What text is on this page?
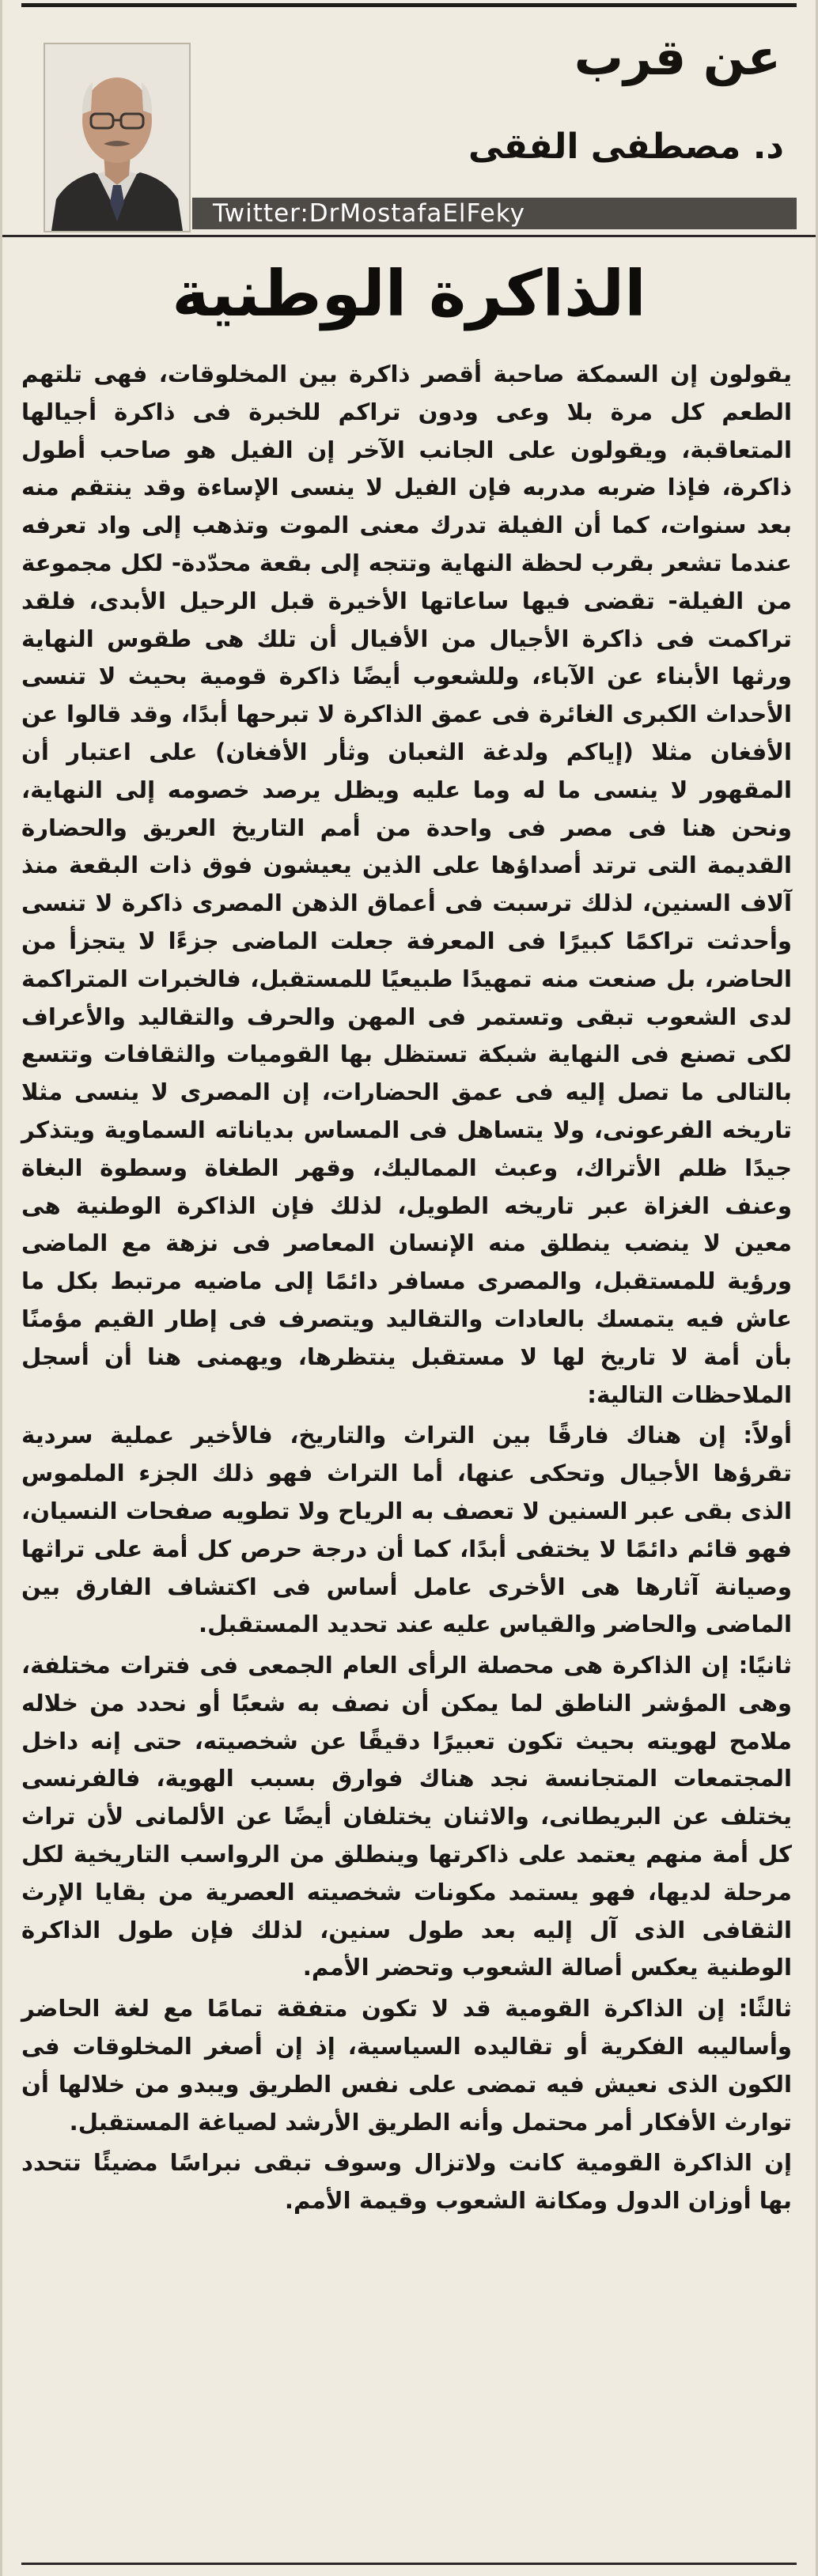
عن قرب
د. مصطفى الفقى
Twitter:DrMostafaElFeky
الذاكرة الوطنية

يقولون إن السمكة صاحبة أقصر ذاكرة بين المخلوقات، فهى تلتهم الطعم كل مرة بلا وعى ودون تراكم للخبرة فى ذاكرة أجيالها المتعاقبة، ويقولون على الجانب الآخر إن الفيل هو صاحب أطول ذاكرة، فإذا ضربه مدربه فإن الفيل لا ينسى الإساءة وقد ينتقم منه بعد سنوات، كما أن الفيلة تدرك معنى الموت وتذهب إلى واد تعرفه عندما تشعر بقرب لحظة النهاية وتتجه إلى بقعة محدّدة- لكل مجموعة من الفيلة- تقضى فيها ساعاتها الأخيرة قبل الرحيل الأبدى، فلقد تراكمت فى ذاكرة الأجيال من الأفيال أن تلك هى طقوس النهاية ورثها الأبناء عن الآباء، وللشعوب أيضًا ذاكرة قومية بحيث لا تنسى الأحداث الكبرى الغائرة فى عمق الذاكرة لا تبرحها أبدًا، وقد قالوا عن الأفغان مثلا (إياكم ولدغة الثعبان وثأر الأفغان) على اعتبار أن المقهور لا ينسى ما له وما عليه ويظل يرصد خصومه إلى النهاية، ونحن هنا فى مصر فى واحدة من أمم التاريخ العريق والحضارة القديمة التى ترتد أصداؤها على الذين يعيشون فوق ذات البقعة منذ آلاف السنين، لذلك ترسبت فى أعماق الذهن المصرى ذاكرة لا تنسى وأحدثت تراكمًا كبيرًا فى المعرفة جعلت الماضى جزءًا لا يتجزأ من الحاضر، بل صنعت منه تمهيدًا طبيعيًا للمستقبل، فالخبرات المتراكمة لدى الشعوب تبقى وتستمر فى المهن والحرف والتقاليد والأعراف لكى تصنع فى النهاية شبكة تستظل بها القوميات والثقافات وتتسع بالتالى ما تصل إليه فى عمق الحضارات، إن المصرى لا ينسى مثلا تاريخه الفرعونى، ولا يتساهل فى المساس بدياناته السماوية ويتذكر جيدًا ظلم الأتراك، وعبث المماليك، وقهر الطغاة وسطوة البغاة وعنف الغزاة عبر تاريخه الطويل، لذلك فإن الذاكرة الوطنية هى معين لا ينضب ينطلق منه الإنسان المعاصر فى نزهة مع الماضى ورؤية للمستقبل، والمصرى مسافر دائمًا إلى ماضيه مرتبط بكل ما عاش فيه يتمسك بالعادات والتقاليد ويتصرف فى إطار القيم مؤمنًا بأن أمة لا تاريخ لها لا مستقبل ينتظرها، ويهمنى هنا أن أسجل الملاحظات التالية:

أولاً: إن هناك فارقًا بين التراث والتاريخ، فالأخير عملية سردية تقرؤها الأجيال وتحكى عنها، أما التراث فهو ذلك الجزء الملموس الذى بقى عبر السنين لا تعصف به الرياح ولا تطويه صفحات النسيان، فهو قائم دائمًا لا يختفى أبدًا، كما أن درجة حرص كل أمة على تراثها وصيانة آثارها هى الأخرى عامل أساس فى اكتشاف الفارق بين الماضى والحاضر والقياس عليه عند تحديد المستقبل.

ثانيًا: إن الذاكرة هى محصلة الرأى العام الجمعى فى فترات مختلفة، وهى المؤشر الناطق لما يمكن أن نصف به شعبًا أو نحدد من خلاله ملامح لهويته بحيث تكون تعبيرًا دقيقًا عن شخصيته، حتى إنه داخل المجتمعات المتجانسة نجد هناك فوارق بسبب الهوية، فالفرنسى يختلف عن البريطانى، والاثنان يختلفان أيضًا عن الألمانى لأن تراث كل أمة منهم يعتمد على ذاكرتها وينطلق من الرواسب التاريخية لكل مرحلة لديها، فهو يستمد مكونات شخصيته العصرية من بقايا الإرث الثقافى الذى آل إليه بعد طول سنين، لذلك فإن طول الذاكرة الوطنية يعكس أصالة الشعوب وتحضر الأمم.

ثالثًا: إن الذاكرة القومية قد لا تكون متفقة تمامًا مع لغة الحاضر وأساليبه الفكرية أو تقاليده السياسية، إذ إن أصغر المخلوقات فى الكون الذى نعيش فيه تمضى على نفس الطريق ويبدو من خلالها أن توارث الأفكار أمر محتمل وأنه الطريق الأرشد لصياغة المستقبل.

إن الذاكرة القومية كانت ولاتزال وسوف تبقى نبراسًا مضيئًا تتحدد بها أوزان الدول ومكانة الشعوب وقيمة الأمم.
